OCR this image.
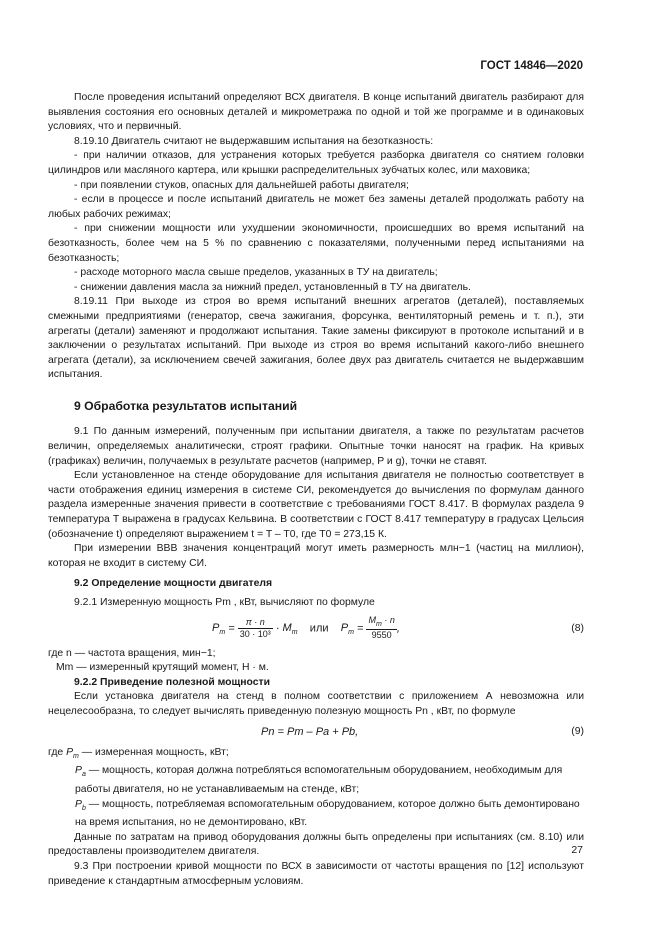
ГОСТ 14846—2020

После проведения испытаний определяют ВСХ двигателя. В конце испытаний двигатель разбирают для выявления состояния его основных деталей и микрометража по одной и той же программе и в одинаковых условиях, что и первичный.

8.19.10 Двигатель считают не выдержавшим испытания на безотказность:

- при наличии отказов, для устранения которых требуется разборка двигателя со снятием головки цилиндров или масляного картера, или крышки распределительных зубчатых колес, или маховика;

- при появлении стуков, опасных для дальнейшей работы двигателя;

- если в процессе и после испытаний двигатель не может без замены деталей продолжать работу на любых рабочих режимах;

- при снижении мощности или ухудшении экономичности, происшедших во время испытаний на безотказность, более чем на 5 % по сравнению с показателями, полученными перед испытаниями на безотказность;

- расходе моторного масла свыше пределов, указанных в ТУ на двигатель;

- снижении давления масла за нижний предел, установленный в ТУ на двигатель.

8.19.11 При выходе из строя во время испытаний внешних агрегатов (деталей), поставляемых смежными предприятиями (генератор, свеча зажигания, форсунка, вентиляторный ремень и т. п.), эти агрегаты (детали) заменяют и продолжают испытания. Такие замены фиксируют в протоколе испытаний и в заключении о результатах испытаний. При выходе из строя во время испытаний какого-либо внешнего агрегата (детали), за исключением свечей зажигания, более двух раз двигатель считается не выдержавшим испытания.

9 Обработка результатов испытаний

9.1 По данным измерений, полученным при испытании двигателя, а также по результатам расчетов величин, определяемых аналитически, строят графики. Опытные точки наносят на график. На кривых (графиках) величин, получаемых в результате расчетов (например, P и g), точки не ставят.

Если установленное на стенде оборудование для испытания двигателя не полностью соответствует в части отображения единиц измерения в системе СИ, рекомендуется до вычисления по формулам данного раздела измеренные значения привести в соответствие с требованиями ГОСТ 8.417. В формулах раздела 9 температура T выражена в градусах Кельвина. В соответствии с ГОСТ 8.417 температуру в градусах Цельсия (обозначение t) определяют выражением t = T – T0, где T0 = 273,15 К.

При измерении ВВВ значения концентраций могут иметь размерность млн−1 (частиц на миллион), которая не входит в систему СИ.

9.2 Определение мощности двигателя

9.2.1 Измеренную мощность Pm , кВт, вычисляют по формуле

$P_m = \frac{\pi \cdot n}{\text{30 · 10³}} \cdot M_m$ или $P_m = \frac{M_m \cdot n}{9550}$ ,	(8)

где n — частота вращения, мин−1;

Mm — измеренный крутящий момент, Н · м.

9.2.2 Приведение полезной мощности

Если установка двигателя на стенд в полном соответствии с приложением А невозможна или нецелесообразна, то следует вычислять приведенную полезную мощность Pn , кВт, по формуле

Pn = Pm – Pa + Pb,	(9)

где $P_m$ — измеренная мощность, кВт;

$P_a$ — мощность, которая должна потребляться вспомогательным оборудованием, необходимым для работы двигателя, но не устанавливаемым на стенде, кВт;

$P_b$ — мощность, потребляемая вспомогательным оборудованием, которое должно быть демонтировано на время испытания, но не демонтировано, кВт.

Данные по затратам на привод оборудования должны быть определены при испытаниях (см. 8.10) или предоставлены производителем двигателя.

9.3 При построении кривой мощности по ВСХ в зависимости от частоты вращения по [12] используют приведение к стандартным атмосферным условиям.

27
